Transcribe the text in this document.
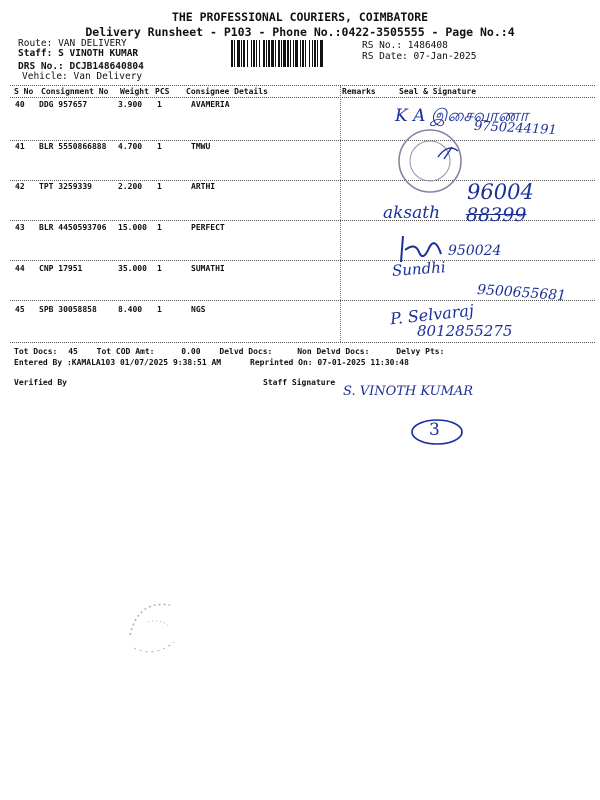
THE PROFESSIONAL COURIERS, COIMBATORE
Delivery Runsheet - P103 - Phone No.:0422-3505555 - Page No.:4
Route: VAN DELIVERY
Staff: S VINOTH KUMAR
DRS No.: DCJB148640804
Vehicle: Van Delivery
RS No.: 1486408
RS Date: 07-Jan-2025
S No Consignment No Weight PCS Consignee Details	Remarks	Seal & Signature
40 DDG 957657	3.900 1	AVAMERIA
41 BLR 5550866888 4.700 1	TMWU
42 TPT 3259339	2.200 1	ARTHI
43 BLR 4450593706 15.000 1	PERFECT
44 CNP 17951	35.000 1	SUMATHI
45 SPB 30058858	8.400 1	NGS
Tot Docs: 45 Tot COD Amt:	0.00 Delvd Docs:	Non Delvd Docs:	Delvy Pts:
Entered By :KAMALA103 01/07/2025 9:38:51 AM	Reprinted On: 07-01-2025 11:30:48
Verified By	Staff Signature
K A இசைவாணா
9750244191
96004
aksath 88399
950024
Sundhi
9500655681
P. Selvaraj
8012855275
S. VINOTH KUMAR
3
